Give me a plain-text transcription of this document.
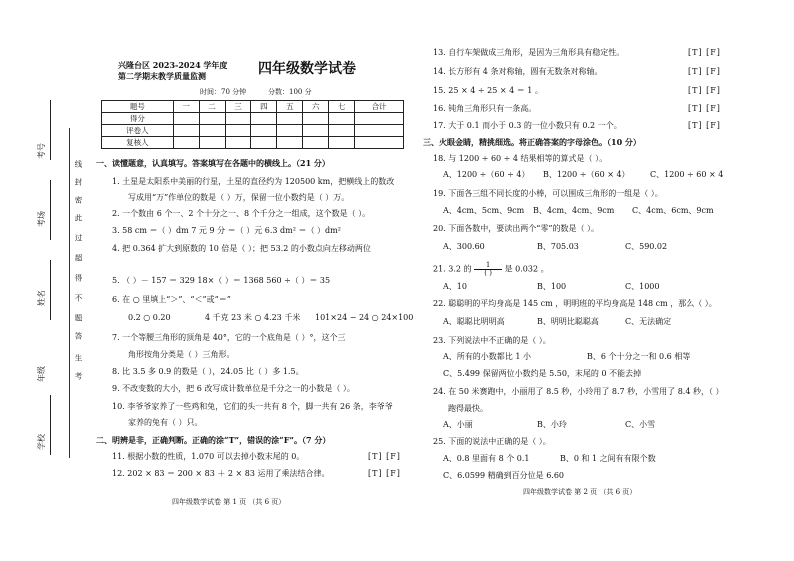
学校
年级
姓名
考场
考号
考
生
答
题
不
得
超
过
此
密
封
线
兴隆台区 2023-2024 学年度
第二学期末教学质量监测	四年级数学试卷
时间：70 分钟	分数：100 分
题号	一	二	三	四	五	六	七	合计
得分								
评卷人								
复核人								
一、读懂题意，认真填写。答案填写在各题中的横线上。（21 分）
1. 土星是太阳系中美丽的行星，土星的直径约为 120500 km，把横线上的数改
写成用“万”作单位的数是（ ）万，保留一位小数约是（ ）万。
2. 一个数由 6 个一、2 个十分之一、8 个千分之一组成，这个数是（ ）。
3. 58 cm ＝（ ）dm 7 元 9 分 ＝（ ）元 6.3 dm² ＝（ ）dm²
4. 把 0.364 扩大到原数的 10 倍是（ ）；把 53.2 的小数点向左移动两位
5. （ ）－ 157 ＝ 329 18×（ ）＝ 1368 560 ÷（ ）＝ 35
6. 在 ○ 里填上“＞”、“＜”或“＝”
0.2 ○ 0.20	4 千克 23 米 ○ 4.23 千米 101×24 − 24 ○ 24×100
7. 一个等腰三角形的顶角是 40°，它的一个底角是（ ）°，这个三
角形按角分类是（ ）三角形。
8. 比 3.5 多 0.9 的数是（ ），24.05 比（ ）多 1.5。
9. 不改变数的大小，把 6 改写成计数单位是千分之一的小数是（ ）。
10. 李爷爷家养了一些鸡和兔，它们的头一共有 8 个，脚一共有 26 条，李爷爷
家养的兔有（ ）只。
二、明辨是非，正确判断。正确的涂“T”，错误的涂“F”。（7 分）
11. 根据小数的性质，1.070 可以去掉小数末尾的 0。	[T] [F]
12. 202 × 83 ＝ 200 × 83 ＋ 2 × 83 运用了乘法结合律。	[T] [F]
四年级数学试卷 第 1 页 （共 6 页）
13. 自行车架做成三角形，是因为三角形具有稳定性。	[T] [F]
14. 长方形有 4 条对称轴，圆有无数条对称轴。	[T] [F]
15. 25 × 4 ÷ 25 × 4 ＝ 1 。	[T] [F]
16. 钝角三角形只有一条高。	[T] [F]
17. 大于 0.1 而小于 0.3 的一位小数只有 0.2 一个。	[T] [F]
三、火眼金睛，精挑细选。将正确答案的字母涂色。（10 分）
18. 与 1200 ÷ 60 ÷ 4 结果相等的算式是（ ）。
A、1200 ÷（60 ÷ 4） B、1200 ÷（60 × 4）	C、1200 ÷ 60 × 4
19. 下面各三组不同长度的小棒，可以围成三角形的一组是（ ）。
A、4cm、5cm、9cm B、4cm、4cm、9cm C、4cm、6cm、9cm
20. 下面各数中，要读出两个“零”的数是（ ）。
A、300.60	B、705.03	C、590.02
21. 3.2 的 $\frac{1}{( )}$ 是 0.032 。
A、10	B、100	C、1000
22. 聪聪明的平均身高是 145 cm ，明明班的平均身高是 148 cm ，那么（ ）。
A、聪聪比明明高	B、明明比聪聪高	C、无法确定
23. 下列说法中不正确的是（ ）。
A、所有的小数都比 1 小	B、6 个十分之一和 0.6 相等
C、5.499 保留两位小数约是 5.50，末尾的 0 不能去掉
24. 在 50 米赛跑中，小丽用了 8.5 秒，小玲用了 8.7 秒，小雪用了 8.4 秒，（ ）
跑得最快。
A、小丽	B、小玲	C、小雪
25. 下面的说法中正确的是（ ）。
A、0.8 里面有 8 个 0.1	B、0 和 1 之间有有限个数
C、6.0599 精确到百分位是 6.60
四年级数学试卷 第 2 页 （共 6 页）
